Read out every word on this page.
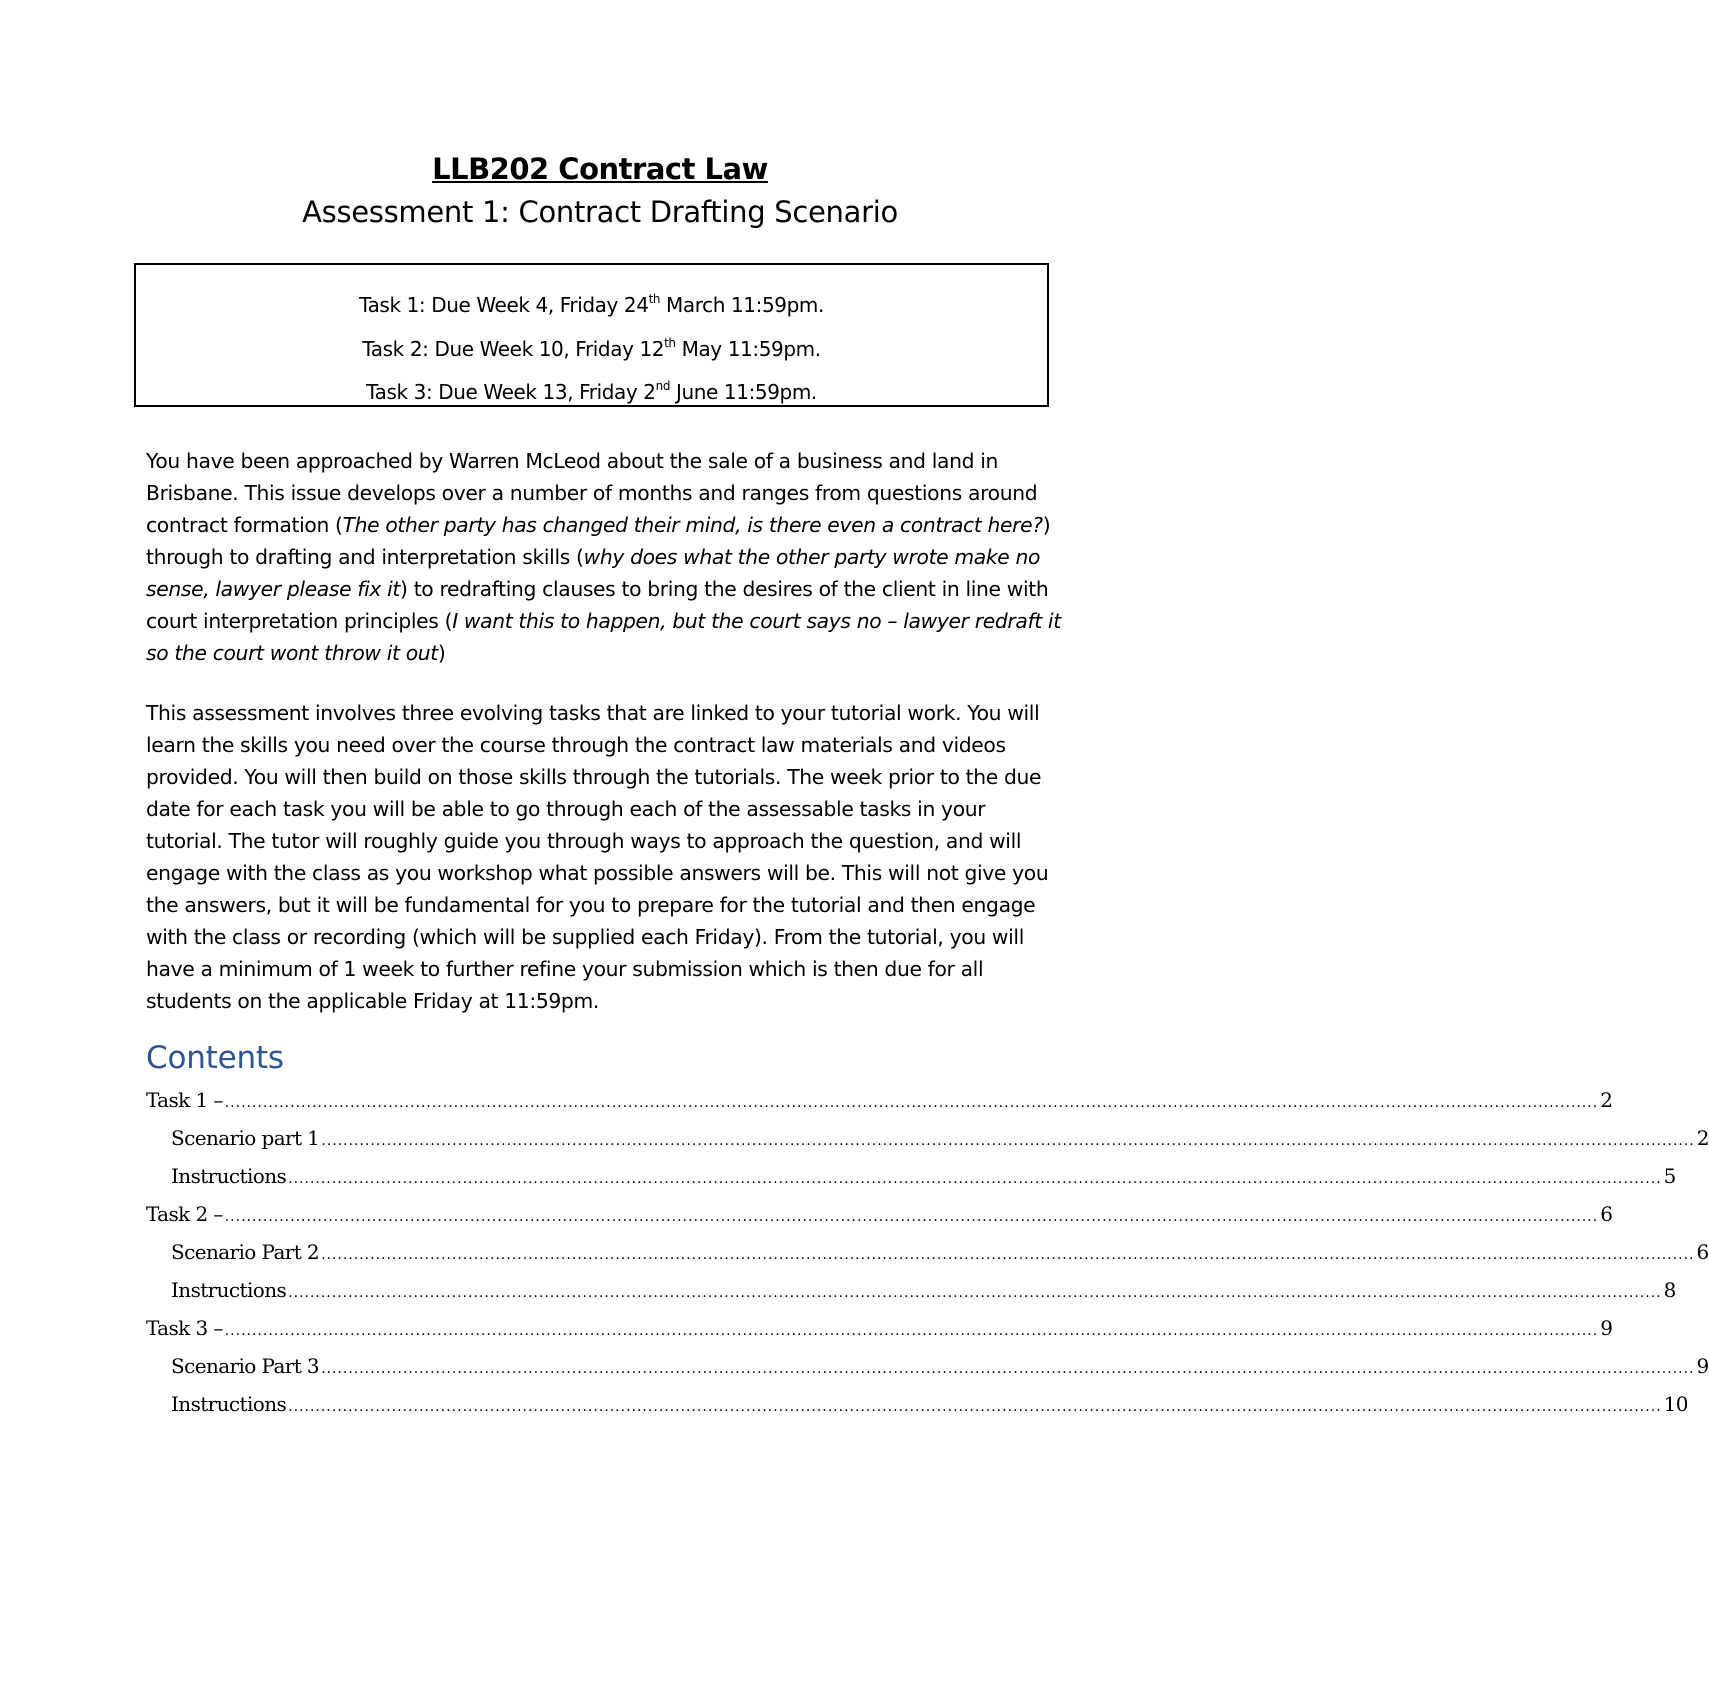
LLB202 Contract Law
Assessment 1: Contract Drafting Scenario
Task 1: Due Week 4, Friday 24th March 11:59pm.
Task 2: Due Week 10, Friday 12th May 11:59pm.
Task 3: Due Week 13, Friday 2nd June 11:59pm.

You have been approached by Warren McLeod about the sale of a business and land in Brisbane. This issue develops over a number of months and ranges from questions around contract formation (The other party has changed their mind, is there even a contract here?) through to drafting and interpretation skills (why does what the other party wrote make no sense, lawyer please fix it) to redrafting clauses to bring the desires of the client in line with court interpretation principles (I want this to happen, but the court says no – lawyer redraft it so the court wont throw it out)

This assessment involves three evolving tasks that are linked to your tutorial work. You will learn the skills you need over the course through the contract law materials and videos provided. You will then build on those skills through the tutorials. The week prior to the due date for each task you will be able to go through each of the assessable tasks in your tutorial. The tutor will roughly guide you through ways to approach the question, and will engage with the class as you workshop what possible answers will be. This will not give you the answers, but it will be fundamental for you to prepare for the tutorial and then engage with the class or recording (which will be supplied each Friday). From the tutorial, you will have a minimum of 1 week to further refine your submission which is then due for all students on the applicable Friday at 11:59pm.

Contents
Task 1 – ............................................................................................................................................................................................................................................................ 2
Scenario part 1 ............................................................................................................................................................................................................................................................ 2
Instructions ............................................................................................................................................................................................................................................................ 5
Task 2 – ............................................................................................................................................................................................................................................................ 6
Scenario Part 2 ............................................................................................................................................................................................................................................................ 6
Instructions ............................................................................................................................................................................................................................................................ 8
Task 3 – ............................................................................................................................................................................................................................................................ 9
Scenario Part 3 ............................................................................................................................................................................................................................................................ 9
Instructions ............................................................................................................................................................................................................................................................ 10
